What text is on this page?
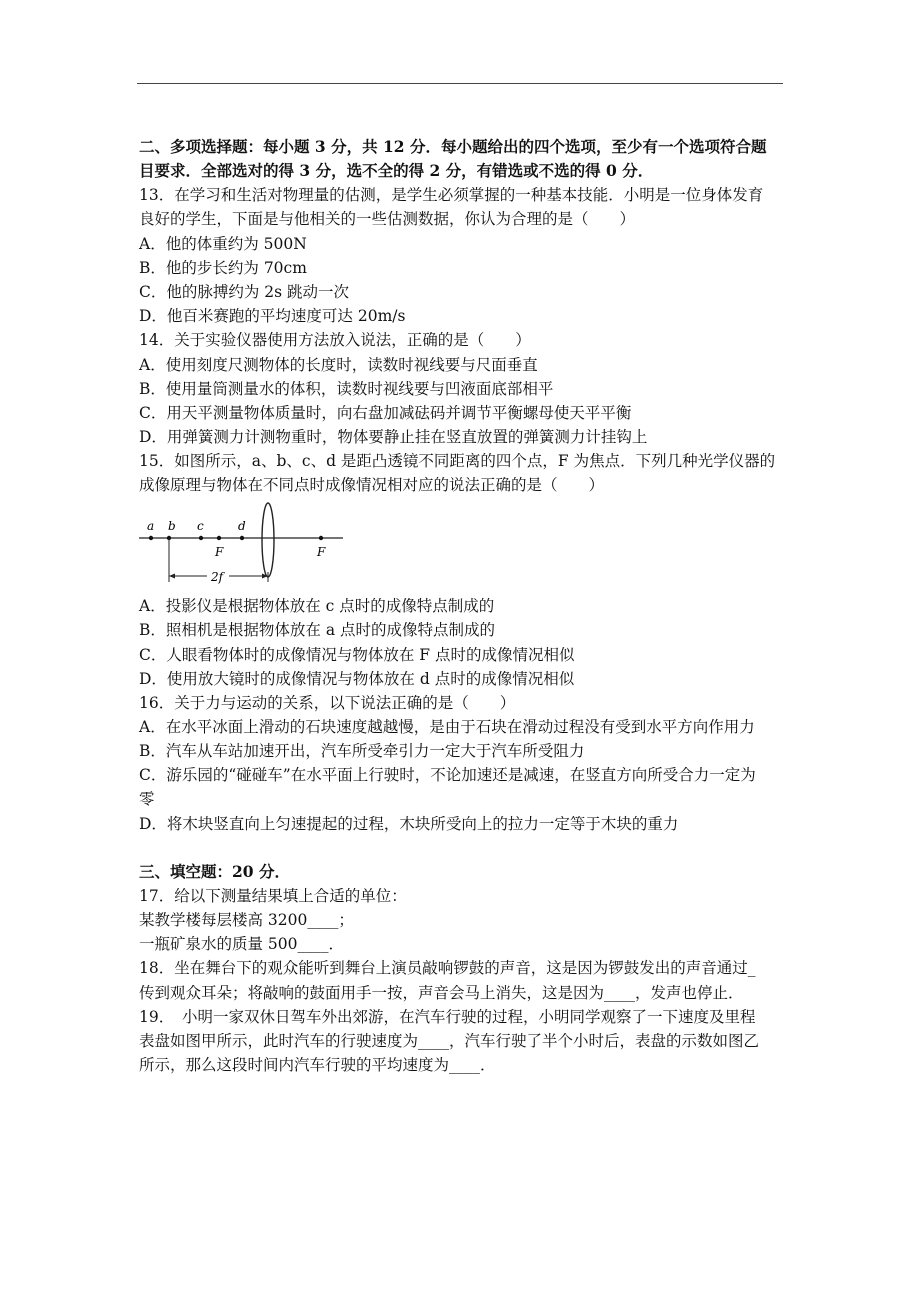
二、多项选择题：每小题 3 分，共 12 分．每小题给出的四个选项，至少有一个选项符合题
目要求．全部选对的得 3 分，选不全的得 2 分，有错选或不选的得 0 分．
13．在学习和生活对物理量的估测，是学生必须掌握的一种基本技能．小明是一位身体发育
良好的学生，下面是与他相关的一些估测数据，你认为合理的是（　　）
A．他的体重约为 500N
B．他的步长约为 70cm
C．他的脉搏约为 2s 跳动一次
D．他百米赛跑的平均速度可达 20m/s
14．关于实验仪器使用方法放入说法，正确的是（　　）
A．使用刻度尺测物体的长度时，读数时视线要与尺面垂直
B．使用量筒测量水的体积，读数时视线要与凹液面底部相平
C．用天平测量物体质量时，向右盘加减砝码并调节平衡螺母使天平平衡
D．用弹簧测力计测物重时，物体要静止挂在竖直放置的弹簧测力计挂钩上
15．如图所示，a、b、c、d 是距凸透镜不同距离的四个点，F 为焦点．下列几种光学仪器的
成像原理与物体在不同点时成像情况相对应的说法正确的是（　　）
a b c	d
F	F
2f
A．投影仪是根据物体放在 c 点时的成像特点制成的
B．照相机是根据物体放在 a 点时的成像特点制成的
C．人眼看物体时的成像情况与物体放在 F 点时的成像情况相似
D．使用放大镜时的成像情况与物体放在 d 点时的成像情况相似
16．关于力与运动的关系，以下说法正确的是（　　）
A．在水平冰面上滑动的石块速度越越慢，是由于石块在滑动过程没有受到水平方向作用力
B．汽车从车站加速开出，汽车所受牵引力一定大于汽车所受阻力
C．游乐园的“碰碰车”在水平面上行驶时，不论加速还是减速，在竖直方向所受合力一定为
零
D．将木块竖直向上匀速提起的过程，木块所受向上的拉力一定等于木块的重力
三、填空题：20 分．
17．给以下测量结果填上合适的单位：
某教学楼每层楼高 3200____；
一瓶矿泉水的质量 500____．
18．坐在舞台下的观众能听到舞台上演员敲响锣鼓的声音，这是因为锣鼓发出的声音通过_
传到观众耳朵；将敲响的鼓面用手一按，声音会马上消失，这是因为____，发声也停止．
19．　小明一家双休日驾车外出郊游，在汽车行驶的过程，小明同学观察了一下速度及里程
表盘如图甲所示，此时汽车的行驶速度为____，汽车行驶了半个小时后，表盘的示数如图乙
所示，那么这段时间内汽车行驶的平均速度为____．
